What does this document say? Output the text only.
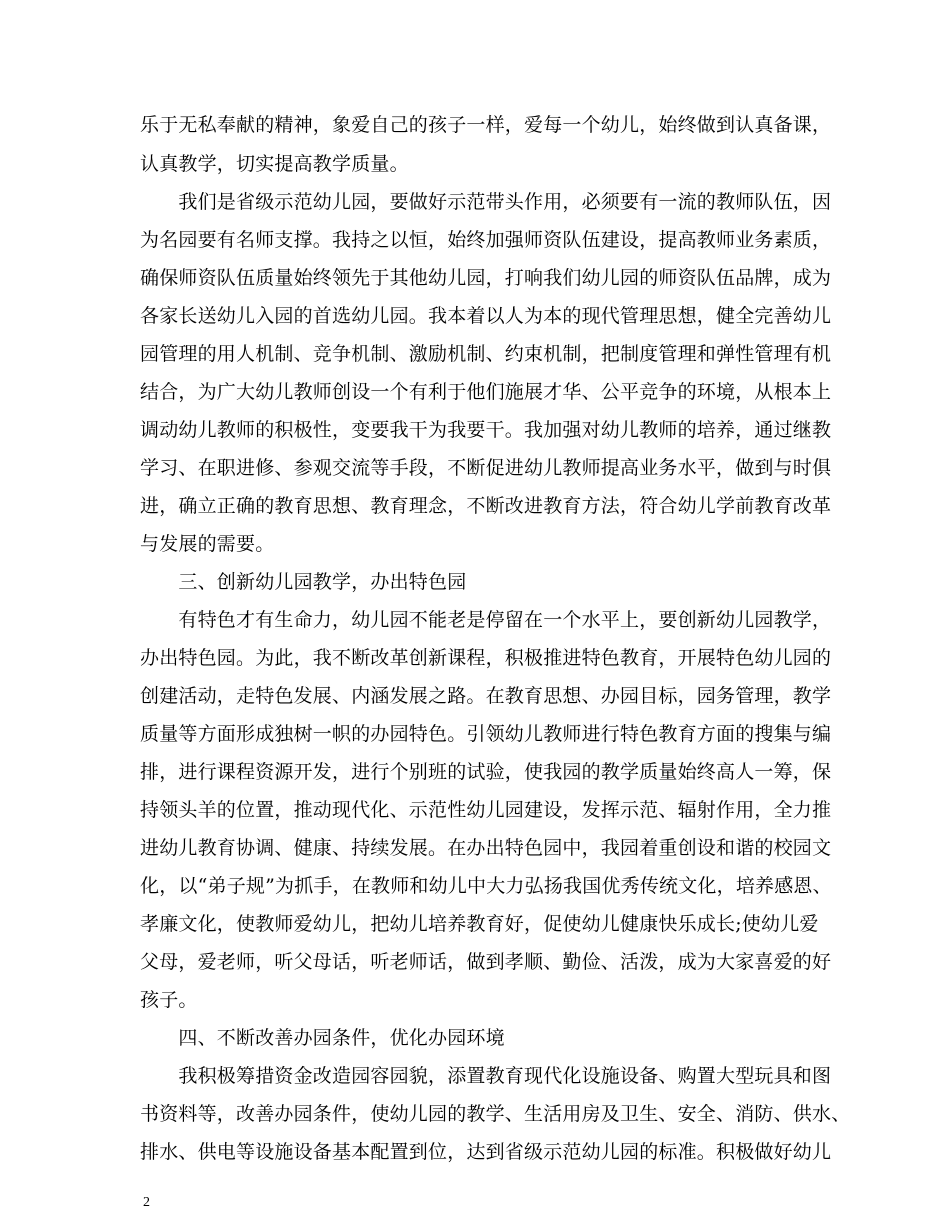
乐于无私奉献的精神，象爱自己的孩子一样，爱每一个幼儿，始终做到认真备课，
认真教学，切实提高教学质量。
　　我们是省级示范幼儿园，要做好示范带头作用，必须要有一流的教师队伍，因
为名园要有名师支撑。我持之以恒，始终加强师资队伍建设，提高教师业务素质，
确保师资队伍质量始终领先于其他幼儿园，打响我们幼儿园的师资队伍品牌，成为
各家长送幼儿入园的首选幼儿园。我本着以人为本的现代管理思想，健全完善幼儿
园管理的用人机制、竞争机制、激励机制、约束机制，把制度管理和弹性管理有机
结合，为广大幼儿教师创设一个有利于他们施展才华、公平竞争的环境，从根本上
调动幼儿教师的积极性，变要我干为我要干。我加强对幼儿教师的培养，通过继教
学习、在职进修、参观交流等手段，不断促进幼儿教师提高业务水平，做到与时俱
进，确立正确的教育思想、教育理念，不断改进教育方法，符合幼儿学前教育改革
与发展的需要。
　　三、创新幼儿园教学，办出特色园
　　有特色才有生命力，幼儿园不能老是停留在一个水平上，要创新幼儿园教学，
办出特色园。为此，我不断改革创新课程，积极推进特色教育，开展特色幼儿园的
创建活动，走特色发展、内涵发展之路。在教育思想、办园目标，园务管理，教学
质量等方面形成独树一帜的办园特色。引领幼儿教师进行特色教育方面的搜集与编
排，进行课程资源开发，进行个别班的试验，使我园的教学质量始终高人一筹，保
持领头羊的位置，推动现代化、示范性幼儿园建设，发挥示范、辐射作用，全力推
进幼儿教育协调、健康、持续发展。在办出特色园中，我园着重创设和谐的校园文
化，以“弟子规”为抓手，在教师和幼儿中大力弘扬我国优秀传统文化，培养感恩、
孝廉文化，使教师爱幼儿，把幼儿培养教育好，促使幼儿健康快乐成长;使幼儿爱
父母，爱老师，听父母话，听老师话，做到孝顺、勤俭、活泼，成为大家喜爱的好
孩子。
　　四、不断改善办园条件，优化办园环境
　　我积极筹措资金改造园容园貌，添置教育现代化设施设备、购置大型玩具和图
书资料等，改善办园条件，使幼儿园的教学、生活用房及卫生、安全、消防、供水、
排水、供电等设施设备基本配置到位，达到省级示范幼儿园的标准。积极做好幼儿
2
